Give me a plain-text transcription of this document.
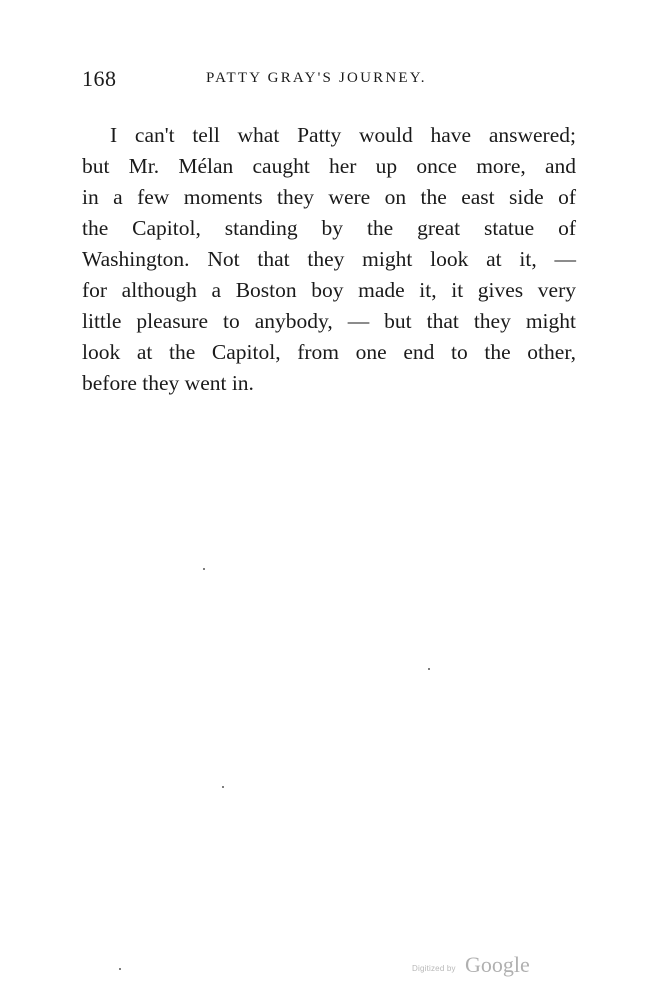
168	PATTY GRAY'S JOURNEY.
I can't tell what Patty would have answered;
but Mr. Mélan caught her up once more, and
in a few moments they were on the east side of
the Capitol, standing by the great statue of
Washington. Not that they might look at it, —
for although a Boston boy made it, it gives very
little pleasure to anybody, — but that they might
look at the Capitol, from one end to the other,
before they went in.
Digitized by Google
